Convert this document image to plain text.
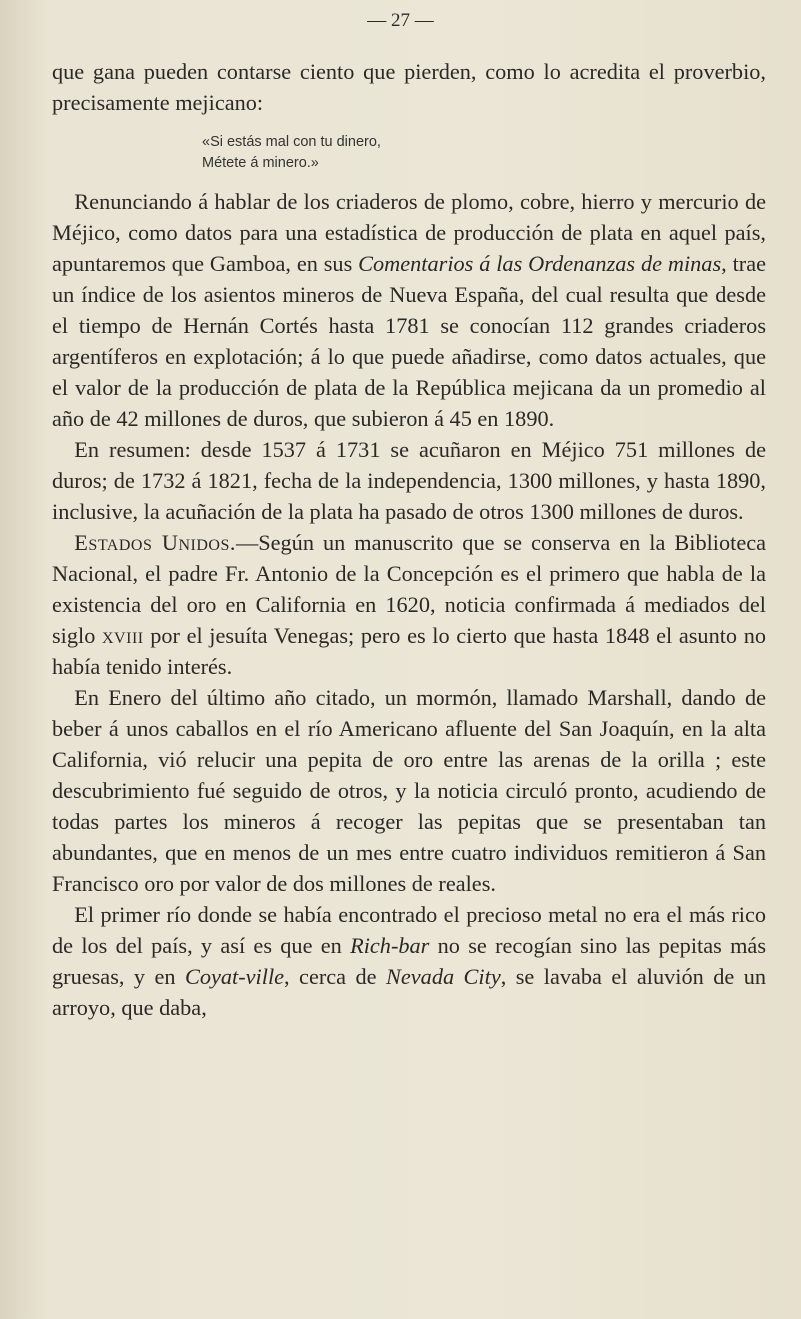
— 27 —

que gana pueden contarse ciento que pierden, como lo acredita el proverbio, precisamente mejicano:

«Si estás mal con tu dinero,
Métete á minero.»

Renunciando á hablar de los criaderos de plomo, cobre, hierro y mercurio de Méjico, como datos para una estadística de producción de plata en aquel país, apuntaremos que Gamboa, en sus Comentarios á las Ordenanzas de minas, trae un índice de los asientos mineros de Nueva España, del cual resulta que desde el tiempo de Hernán Cortés hasta 1781 se conocían 112 grandes criaderos argentíferos en explotación; á lo que puede añadirse, como datos actuales, que el valor de la producción de plata de la República mejicana da un promedio al año de 42 millones de duros, que subieron á 45 en 1890.

En resumen: desde 1537 á 1731 se acuñaron en Méjico 751 millones de duros; de 1732 á 1821, fecha de la independencia, 1300 millones, y hasta 1890, inclusive, la acuñación de la plata ha pasado de otros 1300 millones de duros.

Estados Unidos.—Según un manuscrito que se conserva en la Biblioteca Nacional, el padre Fr. Antonio de la Concepción es el primero que habla de la existencia del oro en California en 1620, noticia confirmada á mediados del siglo xviii por el jesuíta Venegas; pero es lo cierto que hasta 1848 el asunto no había tenido interés.

En Enero del último año citado, un mormón, llamado Marshall, dando de beber á unos caballos en el río Americano afluente del San Joaquín, en la alta California, vió relucir una pepita de oro entre las arenas de la orilla ; este descubrimiento fué seguido de otros, y la noticia circuló pronto, acudiendo de todas partes los mineros á recoger las pepitas que se presentaban tan abundantes, que en menos de un mes entre cuatro individuos remitieron á San Francisco oro por valor de dos millones de reales.

El primer río donde se había encontrado el precioso metal no era el más rico de los del país, y así es que en Rich-bar no se recogían sino las pepitas más gruesas, y en Coyat-ville, cerca de Nevada City, se lavaba el aluvión de un arroyo, que daba,
